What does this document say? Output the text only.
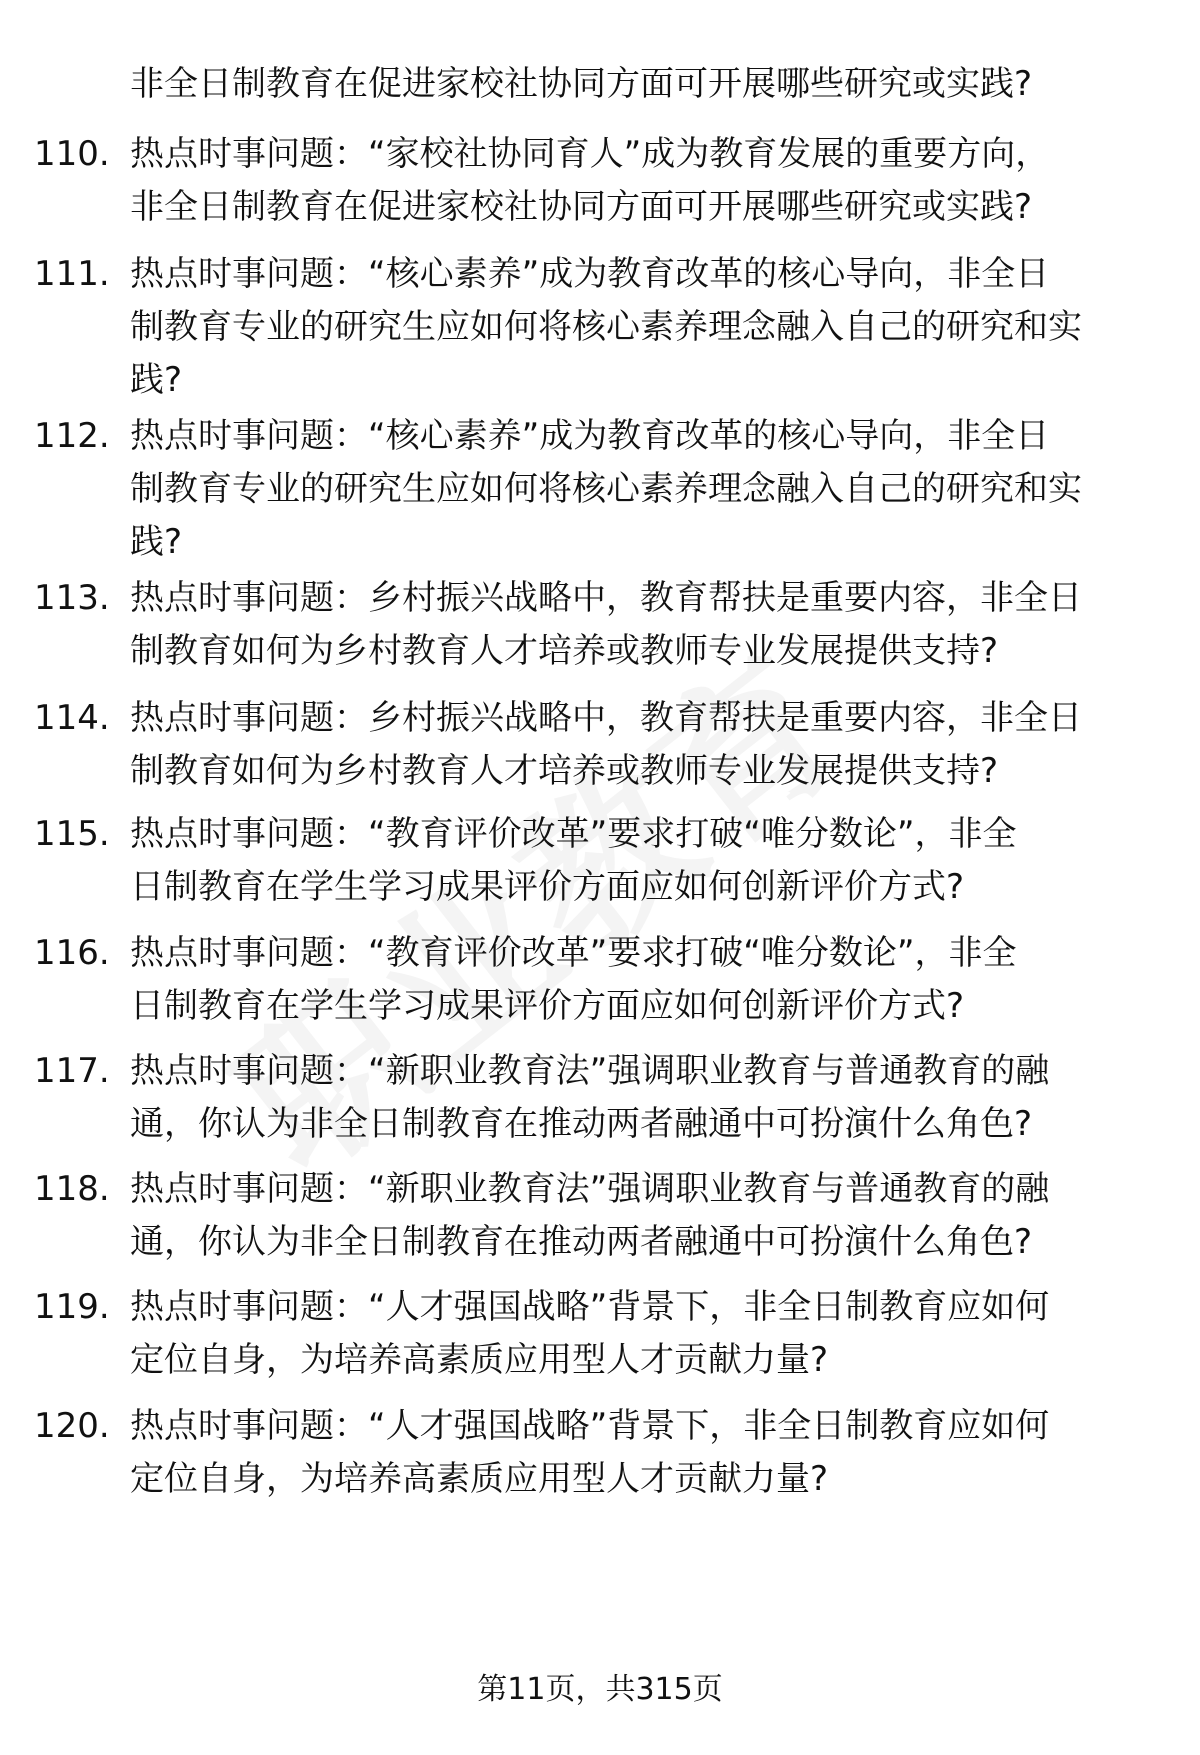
非全日制教育在促进家校社协同方面可开展哪些研究或实践?
110. 热点时事问题：“家校社协同育人”成为教育发展的重要方向，
非全日制教育在促进家校社协同方面可开展哪些研究或实践?
111. 热点时事问题：“核心素养”成为教育改革的核心导向，非全日
制教育专业的研究生应如何将核心素养理念融入自己的研究和实
践?
112. 热点时事问题：“核心素养”成为教育改革的核心导向，非全日
制教育专业的研究生应如何将核心素养理念融入自己的研究和实
践?
113. 热点时事问题：乡村振兴战略中，教育帮扶是重要内容，非全日
制教育如何为乡村教育人才培养或教师专业发展提供支持?
114. 热点时事问题：乡村振兴战略中，教育帮扶是重要内容，非全日
制教育如何为乡村教育人才培养或教师专业发展提供支持?
115. 热点时事问题：“教育评价改革”要求打破“唯分数论”，非全
日制教育在学生学习成果评价方面应如何创新评价方式?
116. 热点时事问题：“教育评价改革”要求打破“唯分数论”，非全
日制教育在学生学习成果评价方面应如何创新评价方式?
117. 热点时事问题：“新职业教育法”强调职业教育与普通教育的融
通，你认为非全日制教育在推动两者融通中可扮演什么角色?
118. 热点时事问题：“新职业教育法”强调职业教育与普通教育的融
通，你认为非全日制教育在推动两者融通中可扮演什么角色?
119. 热点时事问题：“人才强国战略”背景下，非全日制教育应如何
定位自身，为培养高素质应用型人才贡献力量?
120. 热点时事问题：“人才强国战略”背景下，非全日制教育应如何
定位自身，为培养高素质应用型人才贡献力量?
第11页，共315页
